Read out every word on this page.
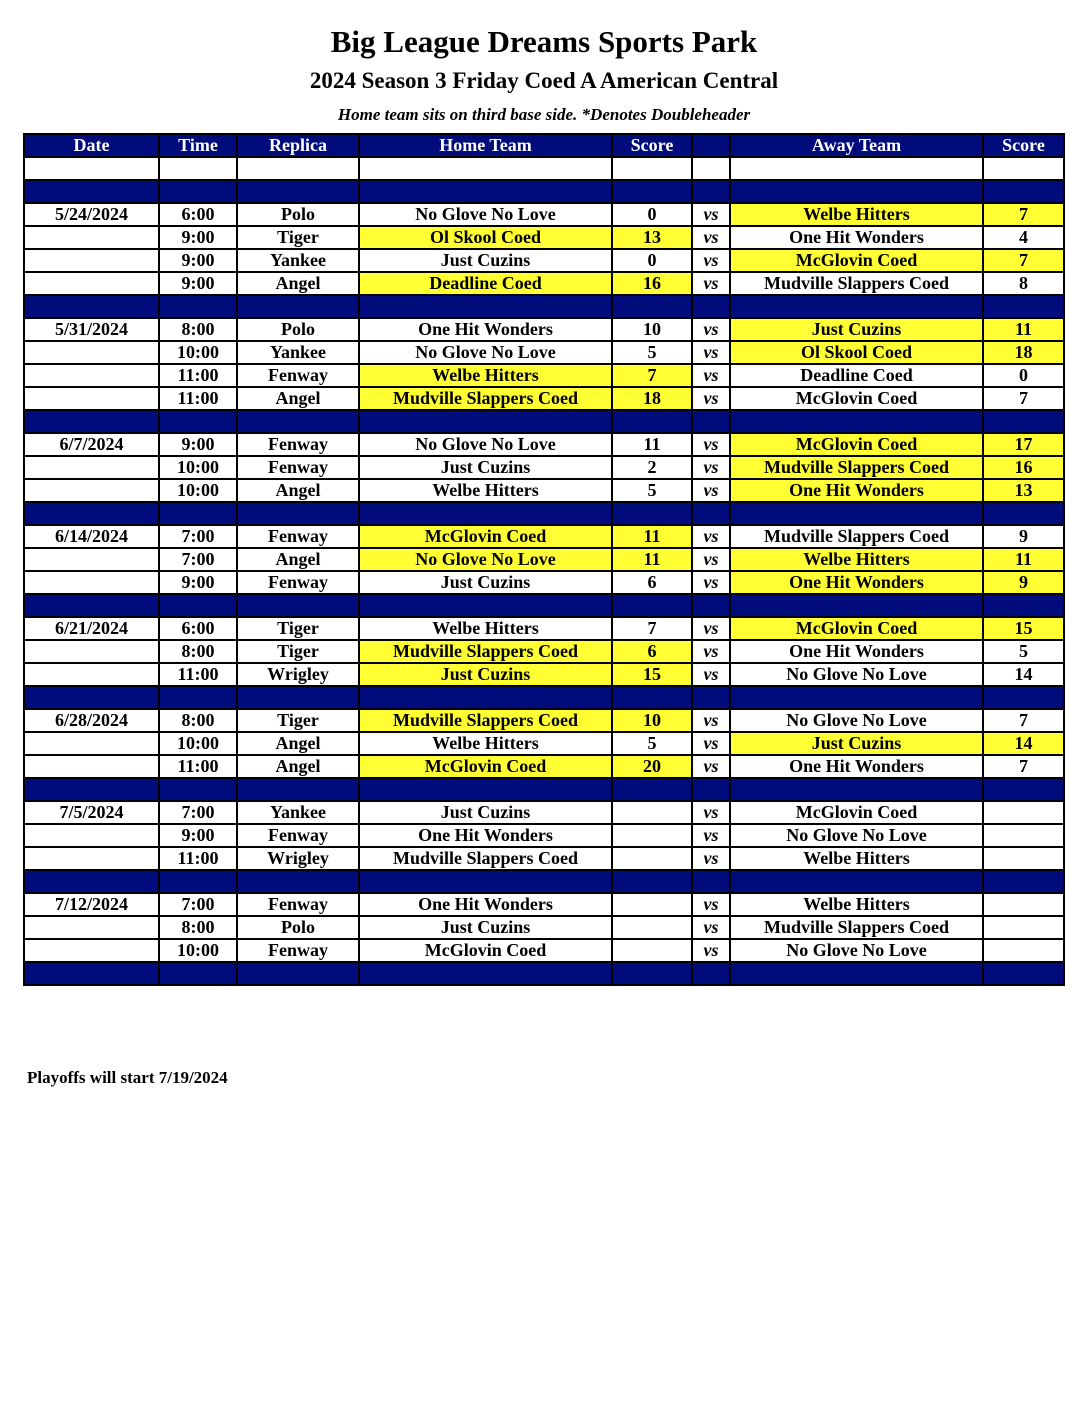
Big League Dreams Sports Park
2024 Season 3 Friday Coed A American Central
Home team sits on third base side. *Denotes Doubleheader
Date	Time	Replica	Home Team	Score		Away Team	Score

5/24/2024	6:00	Polo	No Glove No Love	0	vs	Welbe Hitters	7
	9:00	Tiger	Ol Skool Coed	13	vs	One Hit Wonders	4
	9:00	Yankee	Just Cuzins	0	vs	McGlovin Coed	7
	9:00	Angel	Deadline Coed	16	vs	Mudville Slappers Coed	8

5/31/2024	8:00	Polo	One Hit Wonders	10	vs	Just Cuzins	11
	10:00	Yankee	No Glove No Love	5	vs	Ol Skool Coed	18
	11:00	Fenway	Welbe Hitters	7	vs	Deadline Coed	0
	11:00	Angel	Mudville Slappers Coed	18	vs	McGlovin Coed	7

6/7/2024	9:00	Fenway	No Glove No Love	11	vs	McGlovin Coed	17
	10:00	Fenway	Just Cuzins	2	vs	Mudville Slappers Coed	16
	10:00	Angel	Welbe Hitters	5	vs	One Hit Wonders	13

6/14/2024	7:00	Fenway	McGlovin Coed	11	vs	Mudville Slappers Coed	9
	7:00	Angel	No Glove No Love	11	vs	Welbe Hitters	11
	9:00	Fenway	Just Cuzins	6	vs	One Hit Wonders	9

6/21/2024	6:00	Tiger	Welbe Hitters	7	vs	McGlovin Coed	15
	8:00	Tiger	Mudville Slappers Coed	6	vs	One Hit Wonders	5
	11:00	Wrigley	Just Cuzins	15	vs	No Glove No Love	14

6/28/2024	8:00	Tiger	Mudville Slappers Coed	10	vs	No Glove No Love	7
	10:00	Angel	Welbe Hitters	5	vs	Just Cuzins	14
	11:00	Angel	McGlovin Coed	20	vs	One Hit Wonders	7

7/5/2024	7:00	Yankee	Just Cuzins		vs	McGlovin Coed	
	9:00	Fenway	One Hit Wonders		vs	No Glove No Love	
	11:00	Wrigley	Mudville Slappers Coed		vs	Welbe Hitters	

7/12/2024	7:00	Fenway	One Hit Wonders		vs	Welbe Hitters	
	8:00	Polo	Just Cuzins		vs	Mudville Slappers Coed	
	10:00	Fenway	McGlovin Coed		vs	No Glove No Love	

Playoffs will start 7/19/2024
